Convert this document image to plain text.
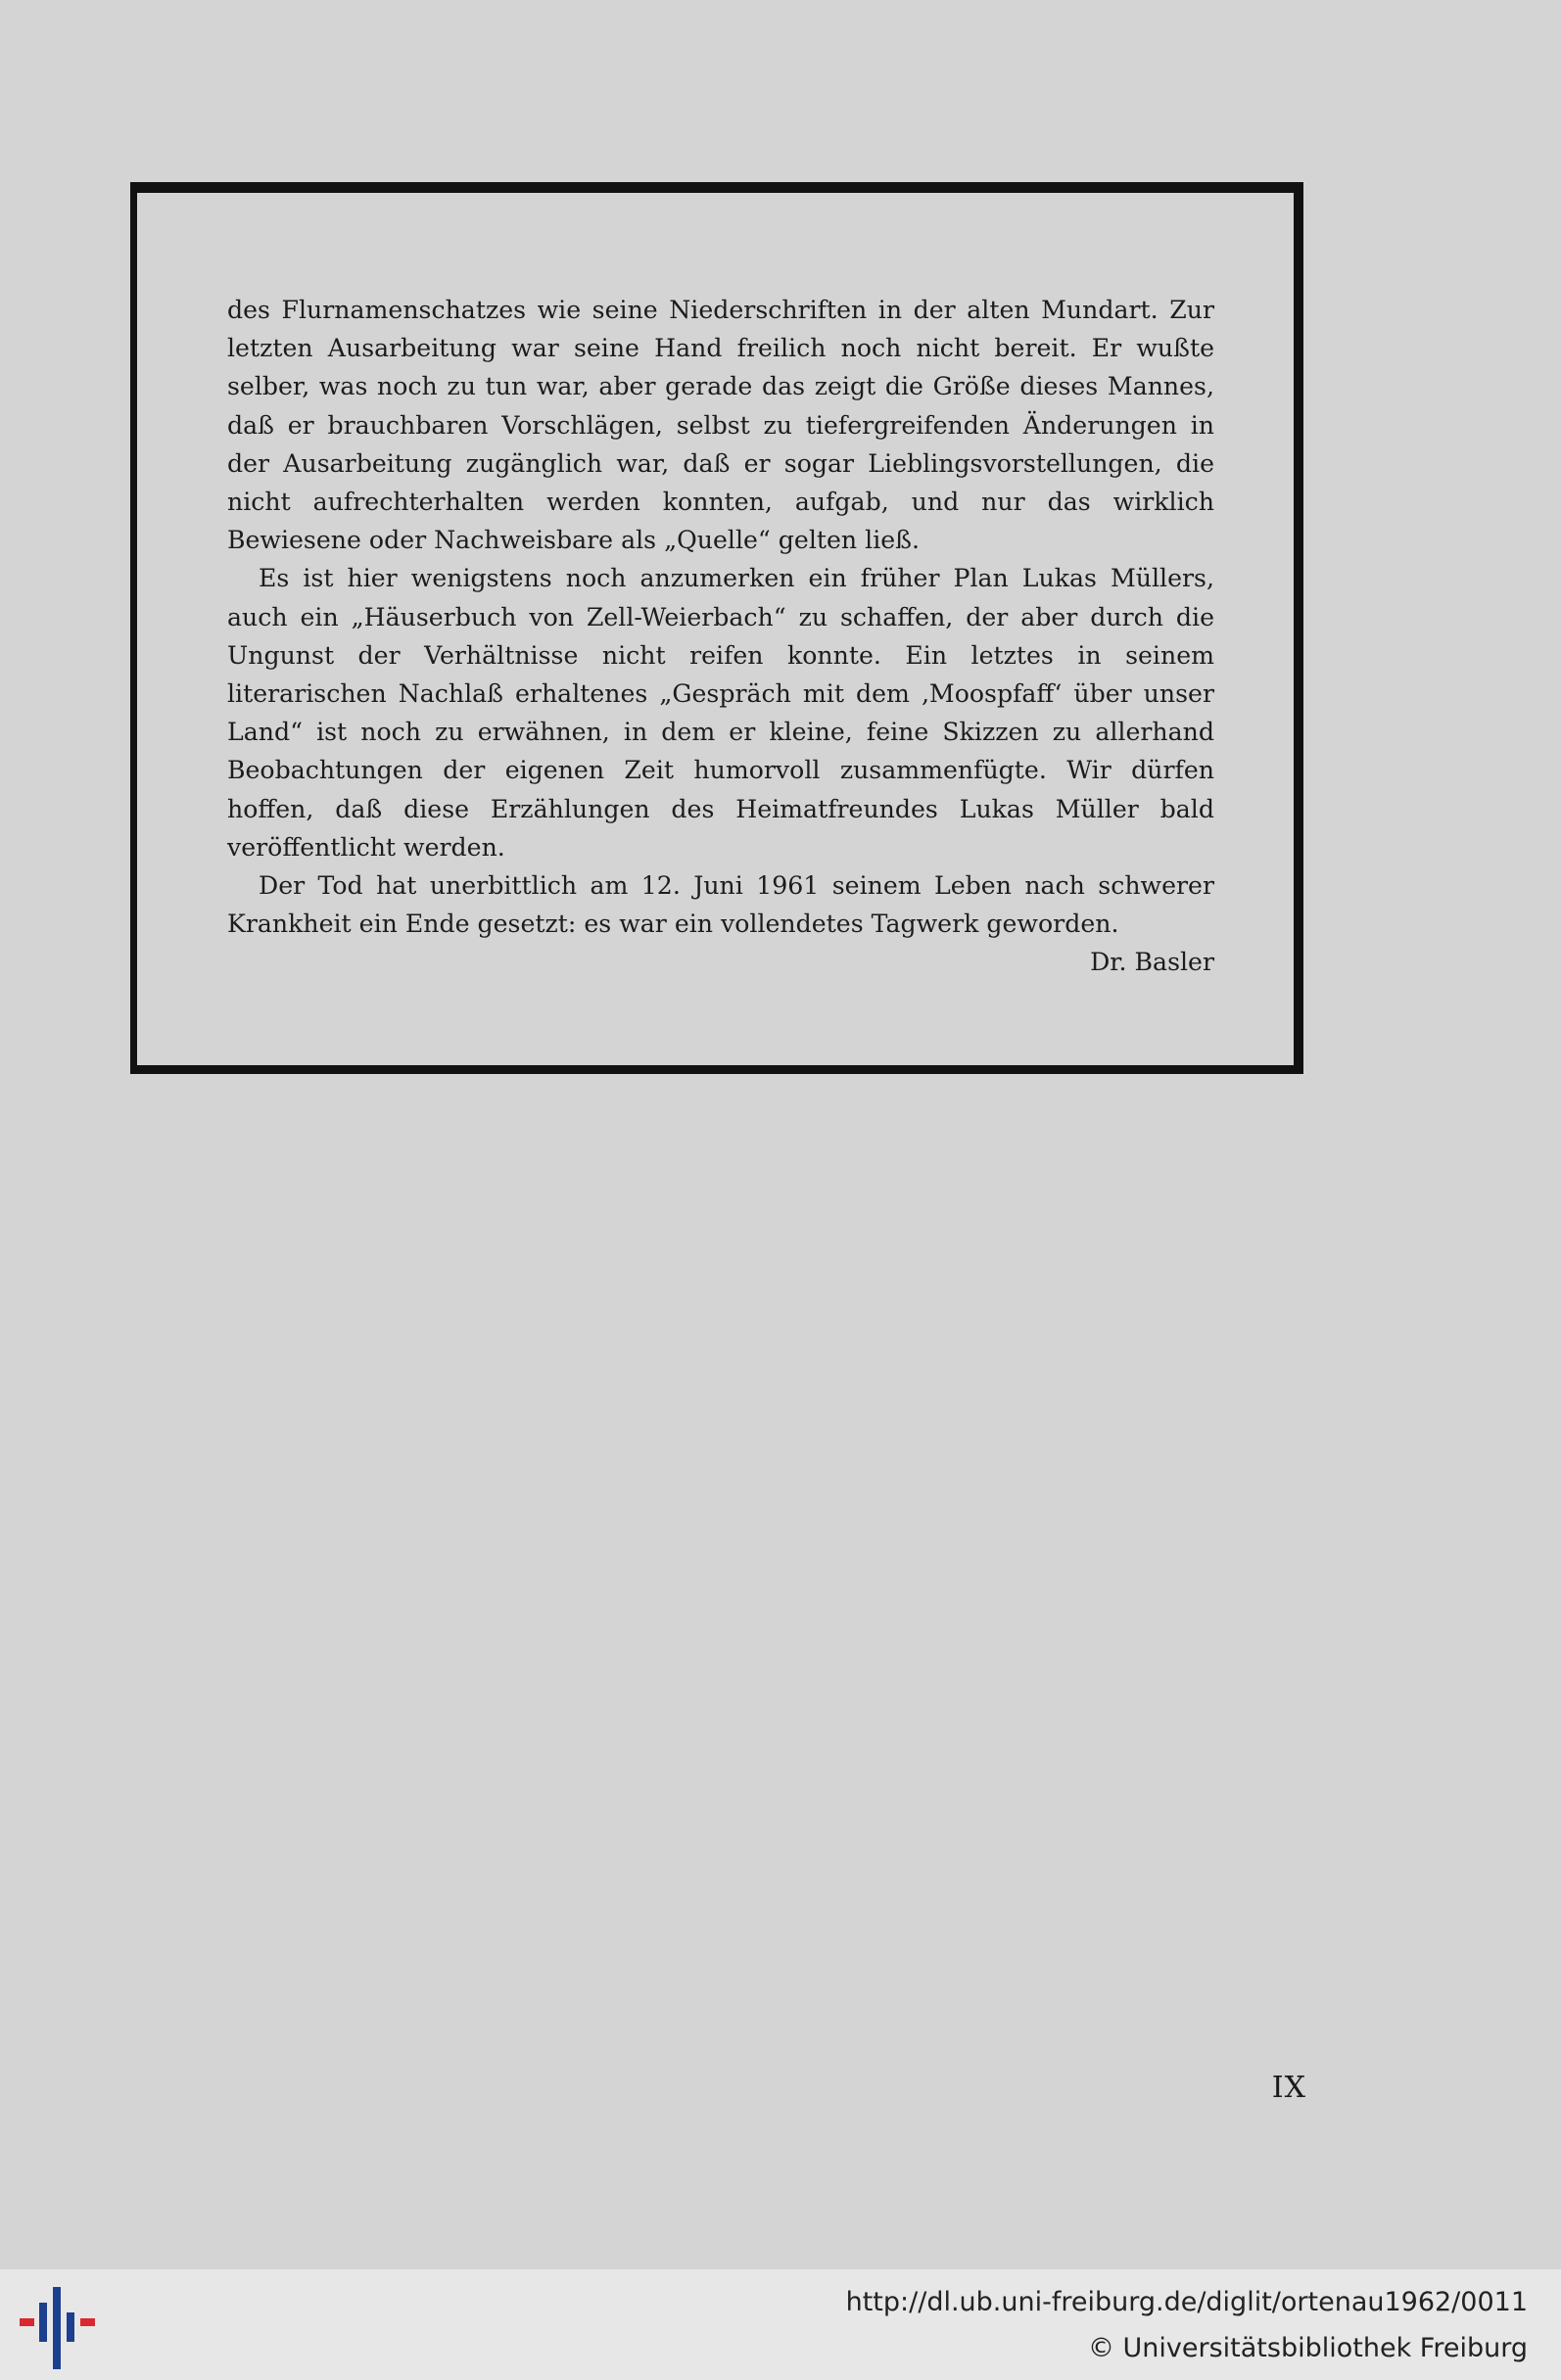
des Flurnamenschatzes wie seine Niederschriften in der alten Mundart. Zur letzten Ausarbeitung war seine Hand freilich noch nicht bereit. Er wußte selber, was noch zu tun war, aber gerade das zeigt die Größe dieses Mannes, daß er brauchbaren Vorschlägen, selbst zu tiefergreifenden Änderungen in der Ausarbeitung zugänglich war, daß er sogar Lieblingsvorstellungen, die nicht aufrechterhalten werden konnten, aufgab, und nur das wirklich Bewiesene oder Nachweisbare als „Quelle“ gelten ließ.

Es ist hier wenigstens noch anzumerken ein früher Plan Lukas Müllers, auch ein „Häuserbuch von Zell-Weierbach“ zu schaffen, der aber durch die Ungunst der Verhältnisse nicht reifen konnte. Ein letztes in seinem literarischen Nachlaß erhaltenes „Gespräch mit dem ‚Moospfaff‘ über unser Land“ ist noch zu erwähnen, in dem er kleine, feine Skizzen zu allerhand Beobachtungen der eigenen Zeit humorvoll zusammenfügte. Wir dürfen hoffen, daß diese Erzählungen des Heimatfreundes Lukas Müller bald veröffentlicht werden.

Der Tod hat unerbittlich am 12. Juni 1961 seinem Leben nach schwerer Krankheit ein Ende gesetzt: es war ein vollendetes Tagwerk geworden.

Dr. Basler

IX
http://dl.ub.uni-freiburg.de/diglit/ortenau1962/0011
© Universitätsbibliothek Freiburg
